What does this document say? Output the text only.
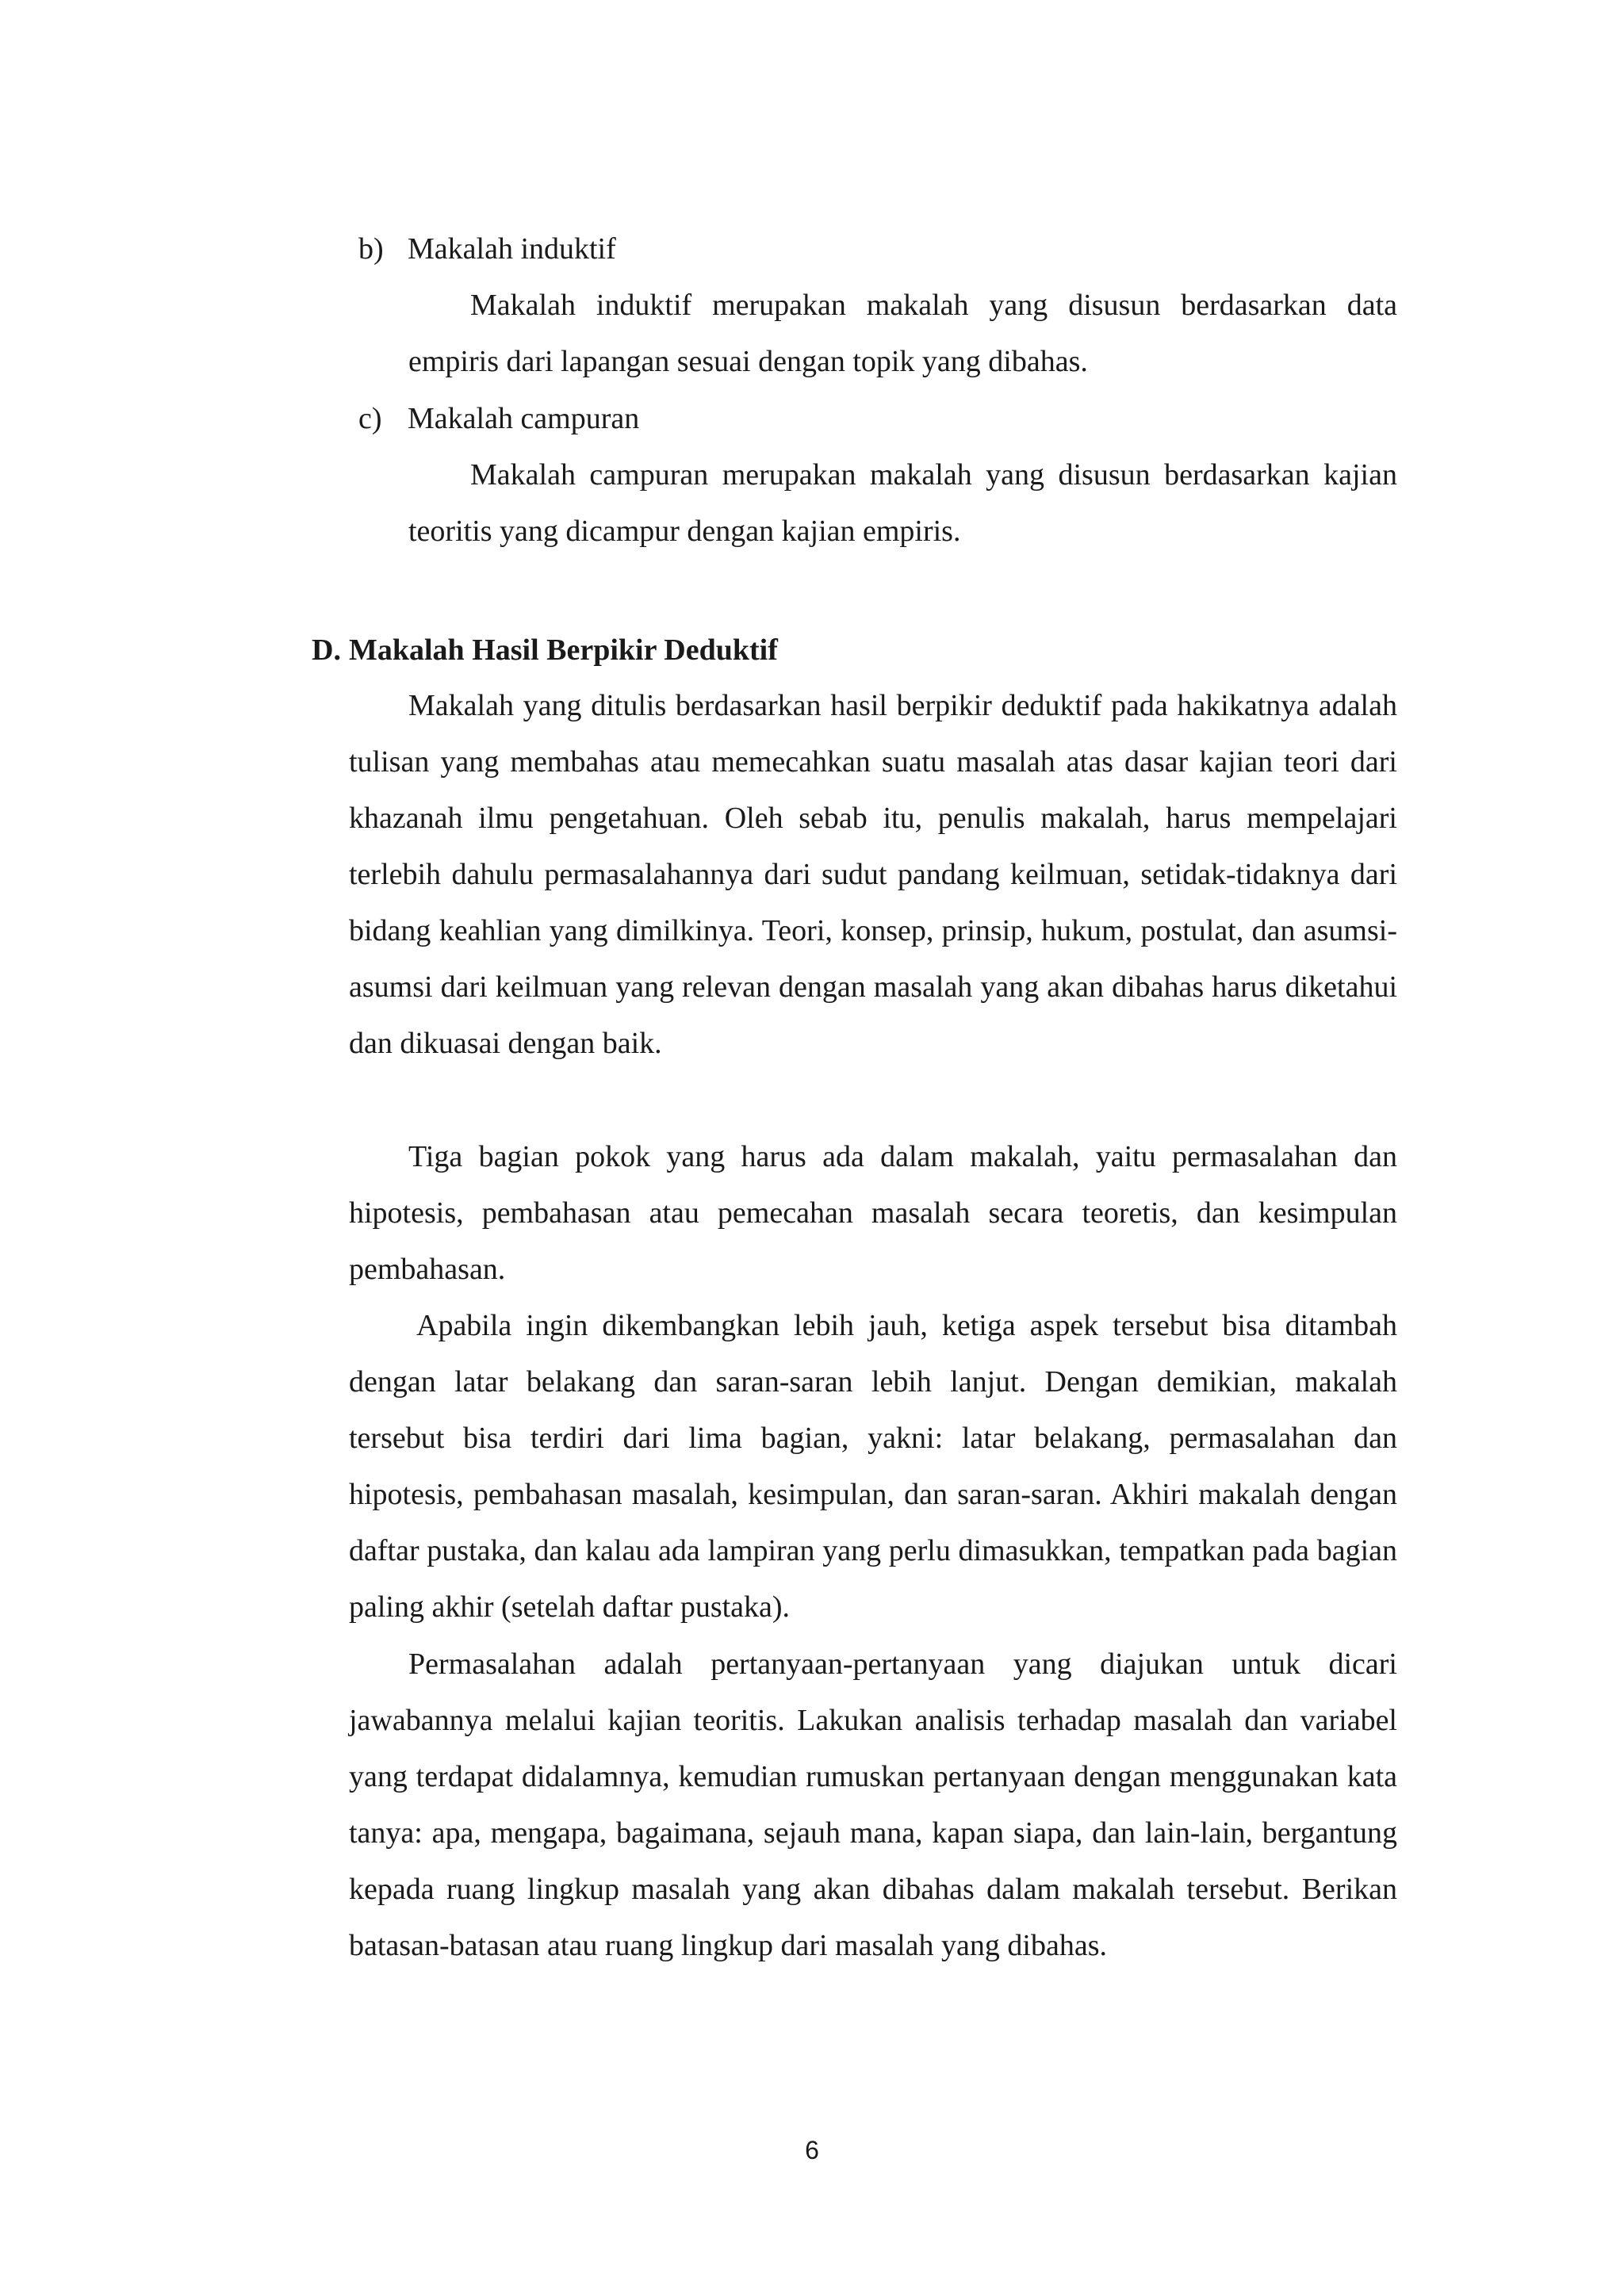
b) Makalah induktif
Makalah induktif merupakan makalah yang disusun berdasarkan data empiris dari lapangan sesuai dengan topik yang dibahas.
c) Makalah campuran
Makalah campuran merupakan makalah yang disusun berdasarkan kajian teoritis yang dicampur dengan kajian empiris.
D. Makalah Hasil Berpikir Deduktif
Makalah yang ditulis berdasarkan hasil berpikir deduktif pada hakikatnya adalah tulisan yang membahas atau memecahkan suatu masalah atas dasar kajian teori dari khazanah ilmu pengetahuan. Oleh sebab itu, penulis makalah, harus mempelajari terlebih dahulu permasalahannya dari sudut pandang keilmuan, setidak-tidaknya dari bidang keahlian yang dimilkinya. Teori, konsep, prinsip, hukum, postulat, dan asumsi-asumsi dari keilmuan yang relevan dengan masalah yang akan dibahas harus diketahui dan dikuasai dengan baik.
Tiga bagian pokok yang harus ada dalam makalah, yaitu permasalahan dan hipotesis, pembahasan atau pemecahan masalah secara teoretis, dan kesimpulan pembahasan.
Apabila ingin dikembangkan lebih jauh, ketiga aspek tersebut bisa ditambah dengan latar belakang dan saran-saran lebih lanjut. Dengan demikian, makalah tersebut bisa terdiri dari lima bagian, yakni: latar belakang, permasalahan dan hipotesis, pembahasan masalah, kesimpulan, dan saran-saran. Akhiri makalah dengan daftar pustaka, dan kalau ada lampiran yang perlu dimasukkan, tempatkan pada bagian paling akhir (setelah daftar pustaka).
Permasalahan adalah pertanyaan-pertanyaan yang diajukan untuk dicari jawabannya melalui kajian teoritis. Lakukan analisis terhadap masalah dan variabel yang terdapat didalamnya, kemudian rumuskan pertanyaan dengan menggunakan kata tanya: apa, mengapa, bagaimana, sejauh mana, kapan siapa, dan lain-lain, bergantung kepada ruang lingkup masalah yang akan dibahas dalam makalah tersebut. Berikan batasan-batasan atau ruang lingkup dari masalah yang dibahas.
6
